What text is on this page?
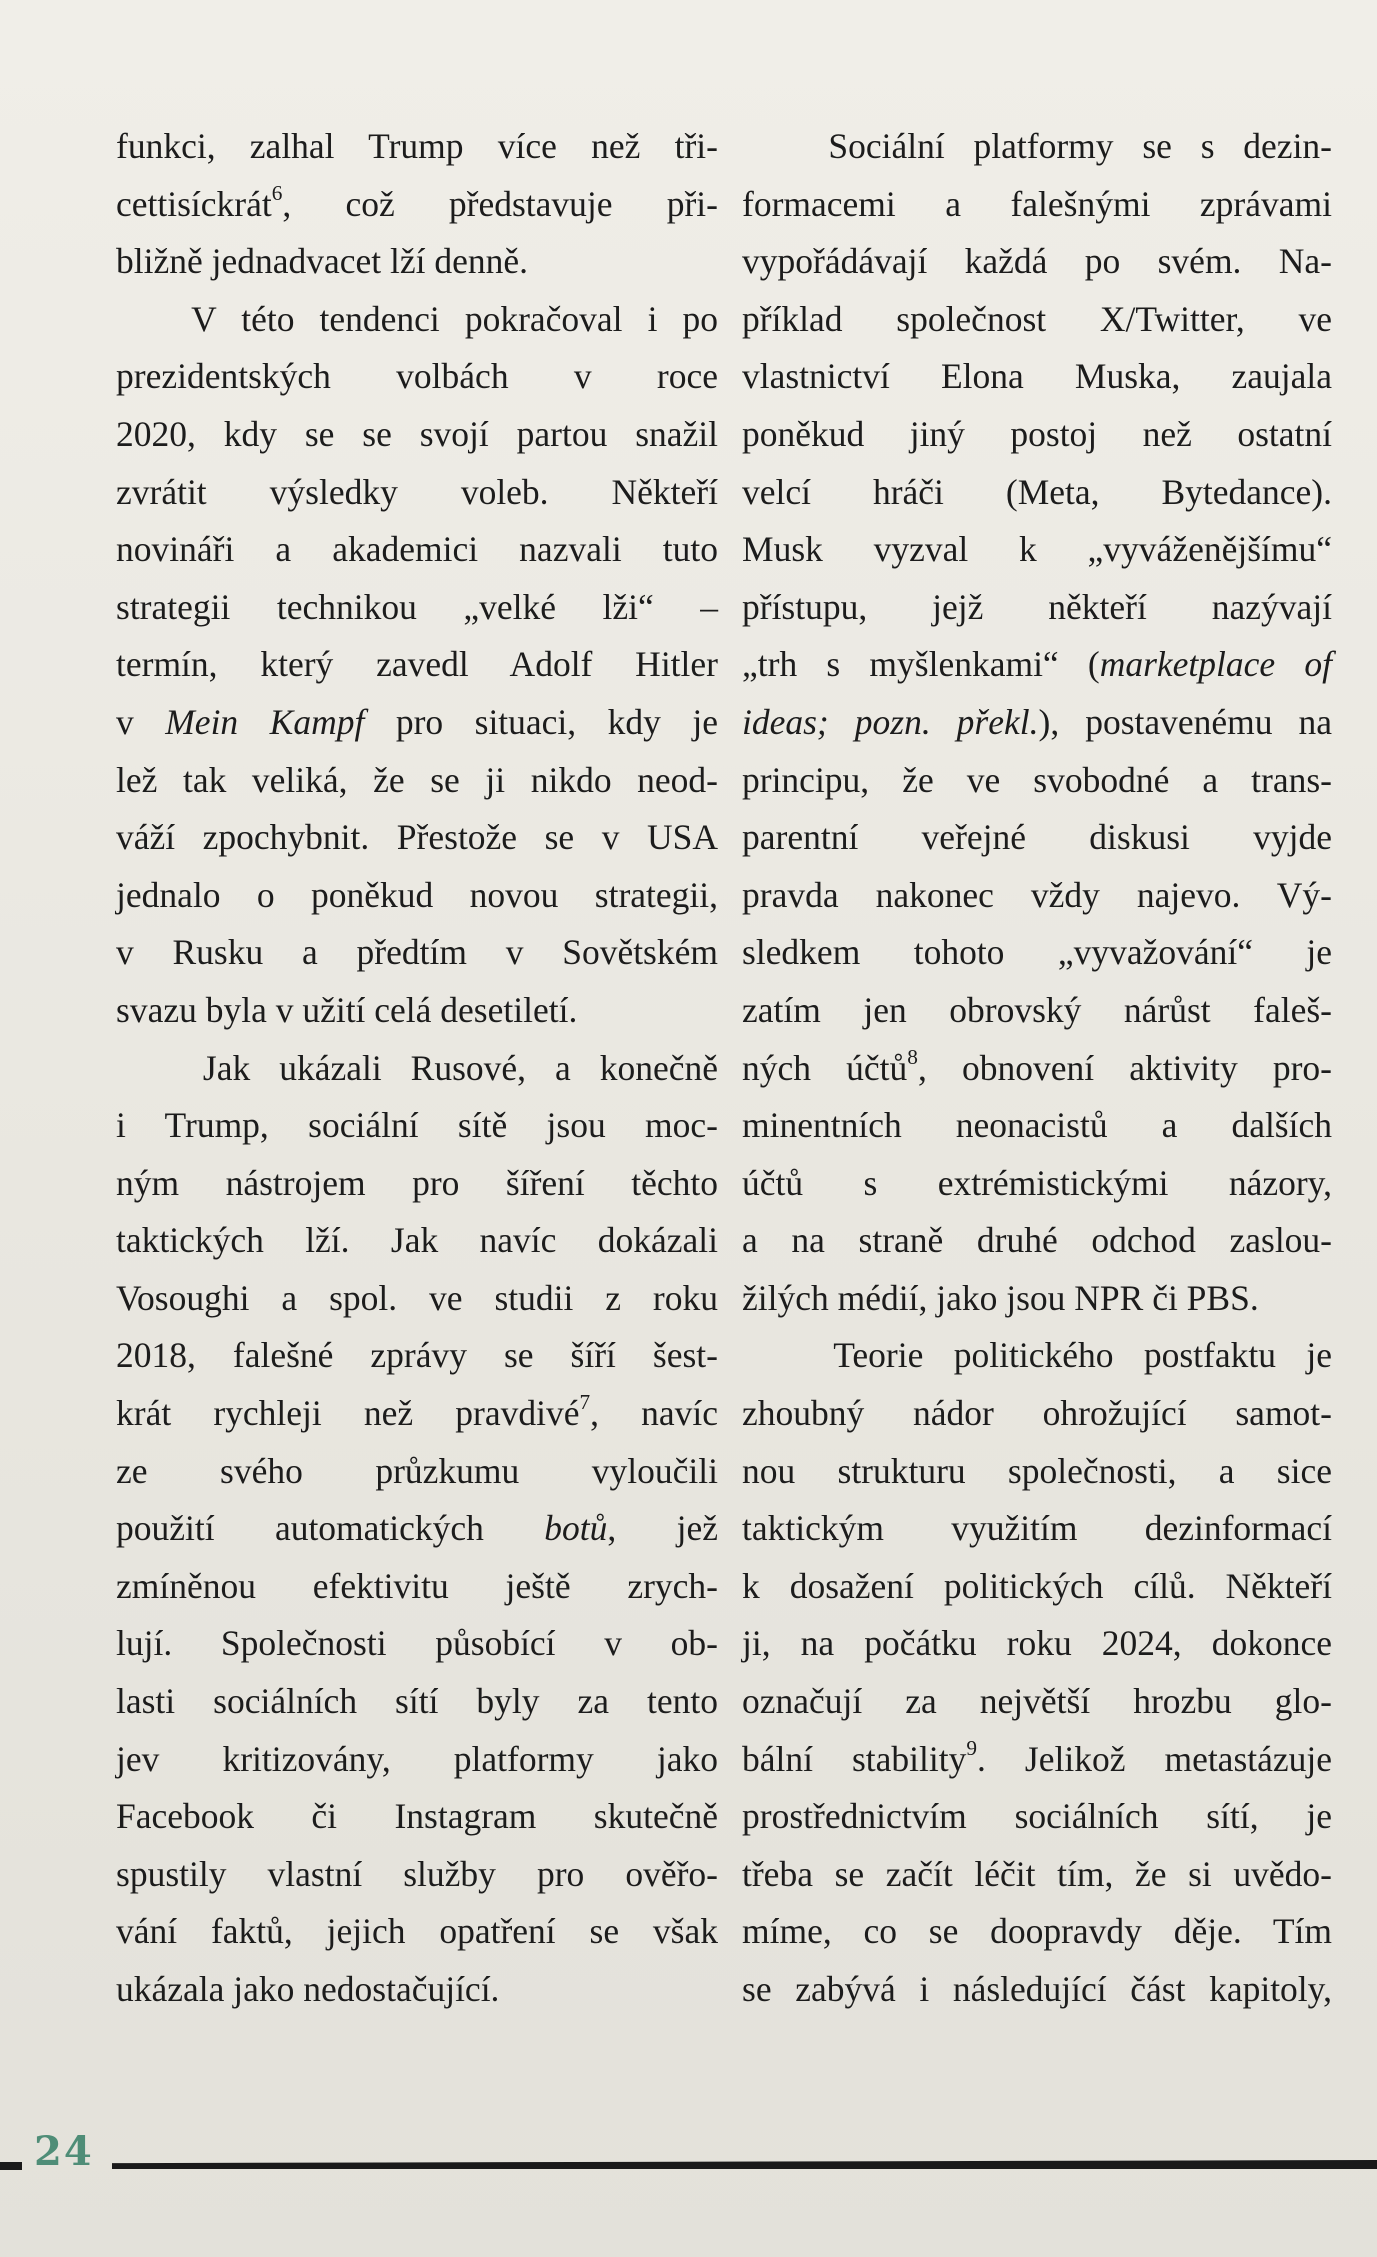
funkci, zalhal Trump více než tři-
cettisíckrát$^6$, což představuje při-
bližně jednadvacet lží denně.
V této tendenci pokračoval i po
prezidentských volbách v roce
2020, kdy se se svojí partou snažil
zvrátit výsledky voleb. Někteří
novináři a akademici nazvali tuto
strategii technikou „velké lži“ –
termín, který zavedl Adolf Hitler
v Mein Kampf pro situaci, kdy je
lež tak veliká, že se ji nikdo neod-
váží zpochybnit. Přestože se v USA
jednalo o poněkud novou strategii,
v Rusku a předtím v Sovětském
svazu byla v užití celá desetiletí.
Jak ukázali Rusové, a konečně
i Trump, sociální sítě jsou moc-
ným nástrojem pro šíření těchto
taktických lží. Jak navíc dokázali
Vosoughi a spol. ve studii z roku
2018, falešné zprávy se šíří šest-
krát rychleji než pravdivé$^7$, navíc
ze svého průzkumu vyloučili
použití automatických botů, jež
zmíněnou efektivitu ještě zrych-
lují. Společnosti působící v ob-
lasti sociálních sítí byly za tento
jev kritizovány, platformy jako
Facebook či Instagram skutečně
spustily vlastní služby pro ověřo-
vání faktů, jejich opatření se však
ukázala jako nedostačující.
Sociální platformy se s dezin-
formacemi a falešnými zprávami
vypořádávají každá po svém. Na-
příklad společnost X/Twitter, ve
vlastnictví Elona Muska, zaujala
poněkud jiný postoj než ostatní
velcí hráči (Meta, Bytedance).
Musk vyzval k „vyváženějšímu“
přístupu, jejž někteří nazývají
„trh s myšlenkami“ (marketplace of
ideas; pozn. překl.), postavenému na
principu, že ve svobodné a trans-
parentní veřejné diskusi vyjde
pravda nakonec vždy najevo. Vý-
sledkem tohoto „vyvažování“ je
zatím jen obrovský nárůst faleš-
ných účtů$^8$, obnovení aktivity pro-
minentních neonacistů a dalších
účtů s extrémistickými názory,
a na straně druhé odchod zaslou-
žilých médií, jako jsou NPR či PBS.
Teorie politického postfaktu je
zhoubný nádor ohrožující samot-
nou strukturu společnosti, a sice
taktickým využitím dezinformací
k dosažení politických cílů. Někteří
ji, na počátku roku 2024, dokonce
označují za největší hrozbu glo-
bální stability$^9$. Jelikož metastázuje
prostřednictvím sociálních sítí, je
třeba se začít léčit tím, že si uvědo-
míme, co se doopravdy děje. Tím
se zabývá i následující část kapitoly,
24
